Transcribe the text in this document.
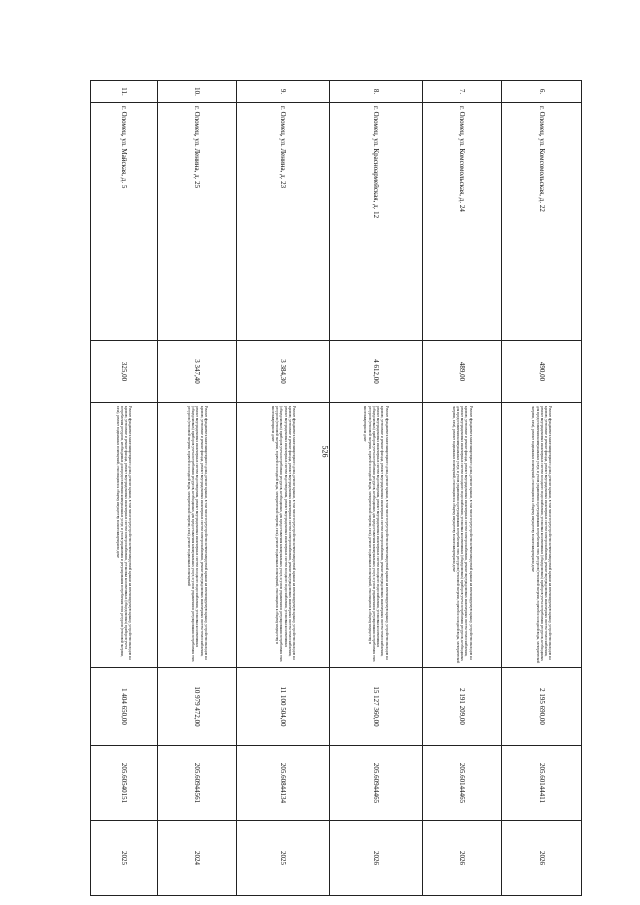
526
6.	г. Оломец, ул. Комсомольская, д. 22	490,00	Ремонт фундамента многоквартирного дома, ремонт крыши, в том числе переустройство невентилируемой крыши на вентилируемую крышу, устройство выходов на кровлю, утепление и ремонт фасада, ремонт внутридомовых инженерных систем электроснабжения, ремонт внутридомовых инженерных систем теплоснабжения, ремонт внутридомовых инженерных систем холодного водоснабжения, установка коллективных (общедомовых) приборов учета потребления ресурсов, необходимых для предоставления коммунальных услуг, и узлов управления и регулирования потребления этих ресурсов (тепловой энергии, горячей и холодной воды, электрической энергии, газа), ремонт подвальных помещений, относящихся к общему имуществу в многоквартирном доме	2 195 690,00	205.60144411	2026
7.	г. Оломец, ул. Комсомольская, д. 24	489,00	Ремонт фундамента многоквартирного дома, ремонт крыши, в том числе переустройство невентилируемой крыши на вентилируемую крышу, устройство выходов на кровлю, утепление и ремонт фасада, ремонт внутридомовых инженерных систем электроснабжения, ремонт внутридомовых инженерных систем теплоснабжения, ремонт внутридомовых инженерных систем холодного водоснабжения, установка коллективных (общедомовых) приборов учета потребления ресурсов, необходимых для предоставления коммунальных услуг, и узлов управления и регулирования потребления этих ресурсов (тепловой энергии, горячей и холодной воды, электрической энергии, газа), ремонт подвальных помещений, относящихся к общему имуществу в многоквартирном доме	2 191 209,00	205.60144465	2026
8.	г. Оломец, ул. Красноармейская, д. 12	4 612,00	Ремонт фундамента многоквартирного дома, ремонт крыши, в том числе переустройство невентилируемой крыши на вентилируемую крышу, устройство выходов на кровлю, утепление и ремонт фасада, ремонт внутридомовых инженерных систем электроснабжения, ремонт внутридомовых инженерных систем теплоснабжения, ремонт внутридомовых инженерных систем водоотведения, ремонт внутридомовых инженерных систем холодного водоснабжения, установка коллективных (общедомовых) приборов учета потребления ресурсов, необходимых для предоставления коммунальных услуг, и узлов управления и регулирования потребления этих ресурсов (тепловой энергии, горячей и холодной воды, электрической энергии, газа), ремонт подвальных помещений, относящихся к общему имуществу в многоквартирном доме	15 127 360,00	205.60944465	2026
9.	г. Оломец, ул. Ленина, д. 23	3 384,30	Ремонт фундамента многоквартирного дома, ремонт крыши, в том числе переустройство невентилируемой крыши на вентилируемую крышу, устройство выходов на кровлю, утепление и ремонт фасада, ремонт внутридомовых инженерных систем электроснабжения, ремонт внутридомовых инженерных систем теплоснабжения, ремонт внутридомовых инженерных систем водоотведения, ремонт внутридомовых инженерных систем холодного водоснабжения, установка коллективных (общедомовых) приборов учета потребления ресурсов, необходимых для предоставления коммунальных услуг, и узлов управления и регулирования потребления этих ресурсов (тепловой энергии, горячей и холодной воды, электрической энергии, газа), ремонт подвальных помещений, относящихся к общему имуществу в многоквартирном доме	11 100 504,00	205.60844134	2025
10.	г. Оломец, ул. Ленина, д. 25	3 347,40	Ремонт фундамента многоквартирного дома, ремонт крыши, в том числе переустройство невентилируемой крыши на вентилируемую крышу, устройство выходов на кровлю, утепление и ремонт фасада, ремонт внутридомовых инженерных систем электроснабжения, ремонт внутридомовых инженерных систем теплоснабжения, ремонт внутридомовых инженерных систем водоотведения, ремонт внутридомовых инженерных систем холодного водоснабжения, установка коллективных (общедомовых) приборов учета потребления ресурсов, необходимых для предоставления коммунальных услуг, и узлов управления и регулирования потребления этих ресурсов (тепловой энергии, горячей и холодной воды, электрической энергии, газа), ремонт подвальных помещений	10 979 472,00	205.60944561	2024
11.	г. Оломец, ул. Майская, д. 5	325,00	Ремонт фундамента многоквартирного дома, ремонт крыши, в том числе переустройство невентилируемой крыши на вентилируемую крышу, устройство выходов на кровлю, утепление и ремонт фасада, ремонт внутридомовых инженерных систем электроснабжения, установка коллективных (общедомовых) приборов учета потребления ресурсов, необходимых для предоставления коммунальных услуг, и узлов управления и регулирования потребления этих ресурсов (тепловой энергии, газа), ремонт подвальных помещений, относящихся к общему имуществу в многоквартирном доме	1 404 650,00	205.60540151	2025
